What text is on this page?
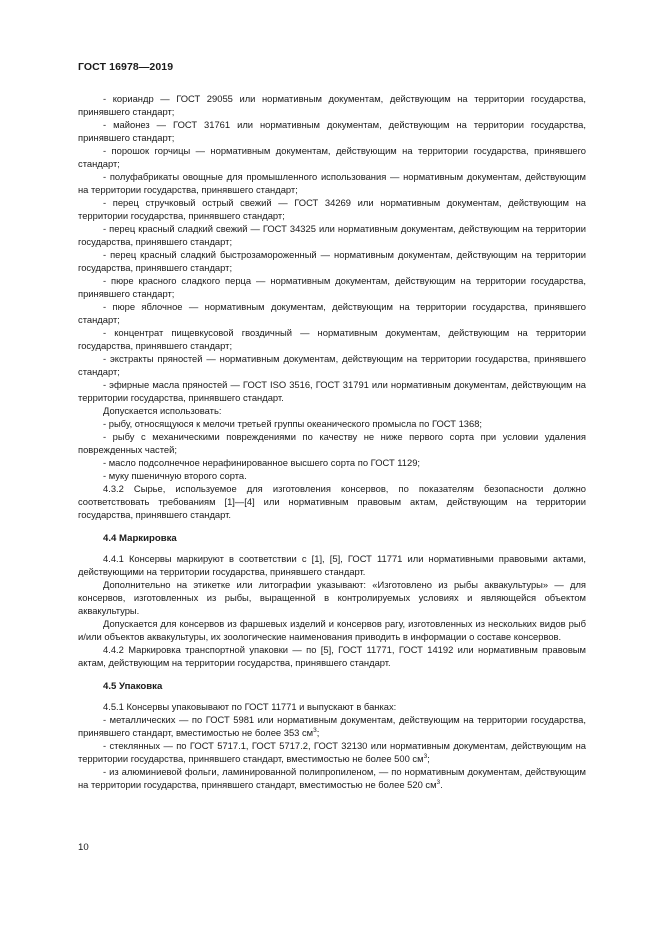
ГОСТ 16978—2019

- кориандр — ГОСТ 29055 или нормативным документам, действующим на территории государства, принявшего стандарт;

- майонез — ГОСТ 31761 или нормативным документам, действующим на территории государства, принявшего стандарт;

- порошок горчицы — нормативным документам, действующим на территории государства, принявшего стандарт;

- полуфабрикаты овощные для промышленного использования — нормативным документам, действующим на территории государства, принявшего стандарт;

- перец стручковый острый свежий — ГОСТ 34269 или нормативным документам, действующим на территории государства, принявшего стандарт;

- перец красный сладкий свежий — ГОСТ 34325 или нормативным документам, действующим на территории государства, принявшего стандарт;

- перец красный сладкий быстрозамороженный — нормативным документам, действующим на территории государства, принявшего стандарт;

- пюре красного сладкого перца — нормативным документам, действующим на территории государства, принявшего стандарт;

- пюре яблочное — нормативным документам, действующим на территории государства, принявшего стандарт;

- концентрат пищевкусовой гвоздичный — нормативным документам, действующим на территории государства, принявшего стандарт;

- экстракты пряностей — нормативным документам, действующим на территории государства, принявшего стандарт;

- эфирные масла пряностей — ГОСТ ISO 3516, ГОСТ 31791 или нормативным документам, действующим на территории государства, принявшего стандарт.

Допускается использовать:

- рыбу, относящуюся к мелочи третьей группы океанического промысла по ГОСТ 1368;

- рыбу с механическими повреждениями по качеству не ниже первого сорта при условии удаления поврежденных частей;

- масло подсолнечное нерафинированное высшего сорта по ГОСТ 1129;

- муку пшеничную второго сорта.

4.3.2 Сырье, используемое для изготовления консервов, по показателям безопасности должно соответствовать требованиям [1]—[4] или нормативным правовым актам, действующим на территории государства, принявшего стандарт.

4.4 Маркировка

4.4.1 Консервы маркируют в соответствии с [1], [5], ГОСТ 11771 или нормативными правовыми актами, действующими на территории государства, принявшего стандарт.

Дополнительно на этикетке или литографии указывают: «Изготовлено из рыбы аквакультуры» — для консервов, изготовленных из рыбы, выращенной в контролируемых условиях и являющейся объектом аквакультуры.

Допускается для консервов из фаршевых изделий и консервов рагу, изготовленных из нескольких видов рыб и/или объектов аквакультуры, их зоологические наименования приводить в информации о составе консервов.

4.4.2 Маркировка транспортной упаковки — по [5], ГОСТ 11771, ГОСТ 14192 или нормативным правовым актам, действующим на территории государства, принявшего стандарт.

4.5 Упаковка

4.5.1 Консервы упаковывают по ГОСТ 11771 и выпускают в банках:

- металлических — по ГОСТ 5981 или нормативным документам, действующим на территории государства, принявшего стандарт, вместимостью не более 353 $см^3$;

- стеклянных — по ГОСТ 5717.1, ГОСТ 5717.2, ГОСТ 32130 или нормативным документам, действующим на территории государства, принявшего стандарт, вместимостью не более 500 $см^3$;

- из алюминиевой фольги, ламинированной полипропиленом, — по нормативным документам, действующим на территории государства, принявшего стандарт, вместимостью не более 520 $см^3$.

10
